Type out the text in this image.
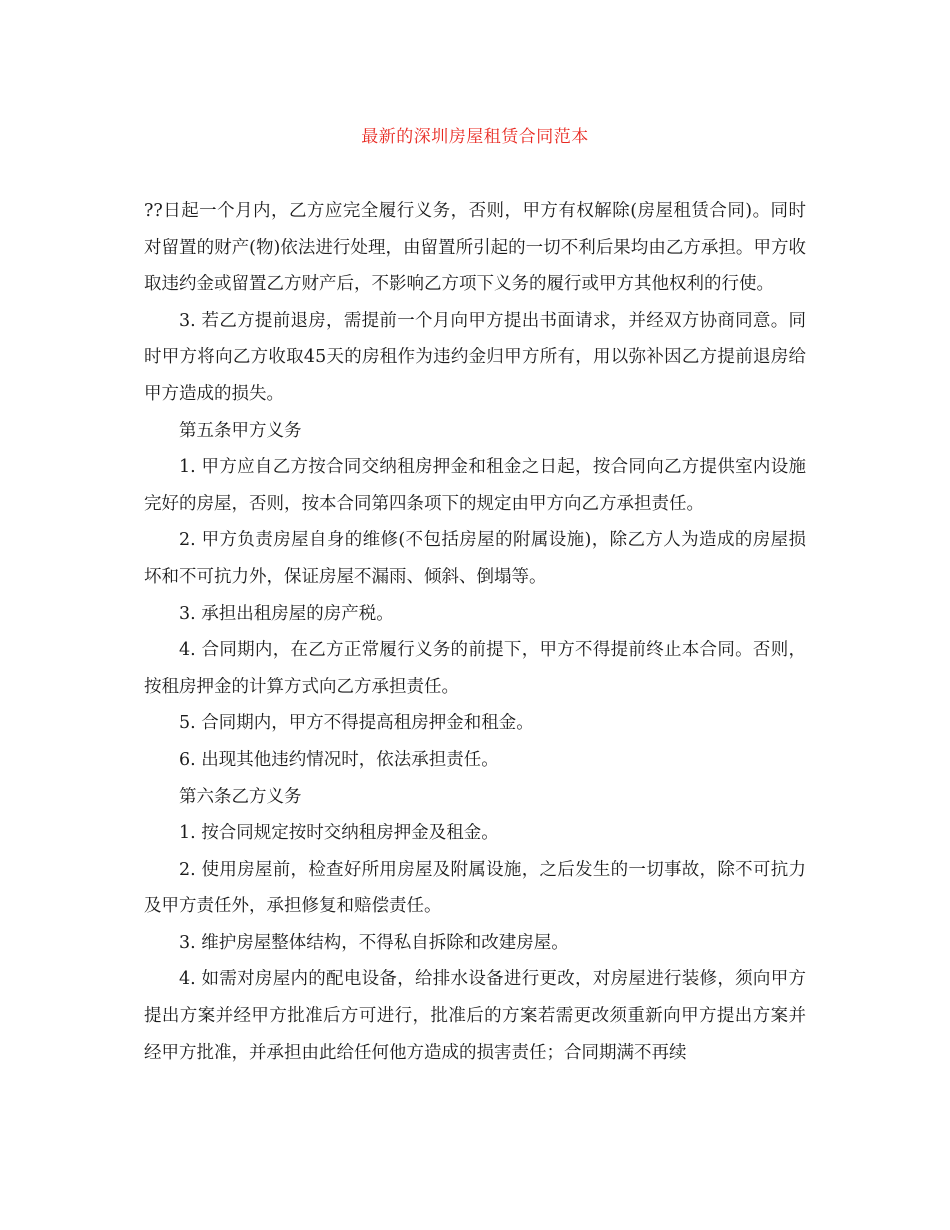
最新的深圳房屋租赁合同范本

??日起一个月内，乙方应完全履行义务，否则，甲方有权解除(房屋租赁合同)。同时对留置的财产(物)依法进行处理，由留置所引起的一切不利后果均由乙方承担。甲方收取违约金或留置乙方财产后，不影响乙方项下义务的履行或甲方其他权利的行使。

3. 若乙方提前退房，需提前一个月向甲方提出书面请求，并经双方协商同意。同时甲方将向乙方收取45天的房租作为违约金归甲方所有，用以弥补因乙方提前退房给甲方造成的损失。

第五条甲方义务

1. 甲方应自乙方按合同交纳租房押金和租金之日起，按合同向乙方提供室内设施完好的房屋，否则，按本合同第四条项下的规定由甲方向乙方承担责任。

2. 甲方负责房屋自身的维修(不包括房屋的附属设施)，除乙方人为造成的房屋损坏和不可抗力外，保证房屋不漏雨、倾斜、倒塌等。

3. 承担出租房屋的房产税。

4. 合同期内，在乙方正常履行义务的前提下，甲方不得提前终止本合同。否则，按租房押金的计算方式向乙方承担责任。

5. 合同期内，甲方不得提高租房押金和租金。

6. 出现其他违约情况时，依法承担责任。

第六条乙方义务

1. 按合同规定按时交纳租房押金及租金。

2. 使用房屋前，检查好所用房屋及附属设施，之后发生的一切事故，除不可抗力及甲方责任外，承担修复和赔偿责任。

3. 维护房屋整体结构，不得私自拆除和改建房屋。

4. 如需对房屋内的配电设备，给排水设备进行更改，对房屋进行装修，须向甲方提出方案并经甲方批准后方可进行，批准后的方案若需更改须重新向甲方提出方案并经甲方批准，并承担由此给任何他方造成的损害责任；合同期满不再续
